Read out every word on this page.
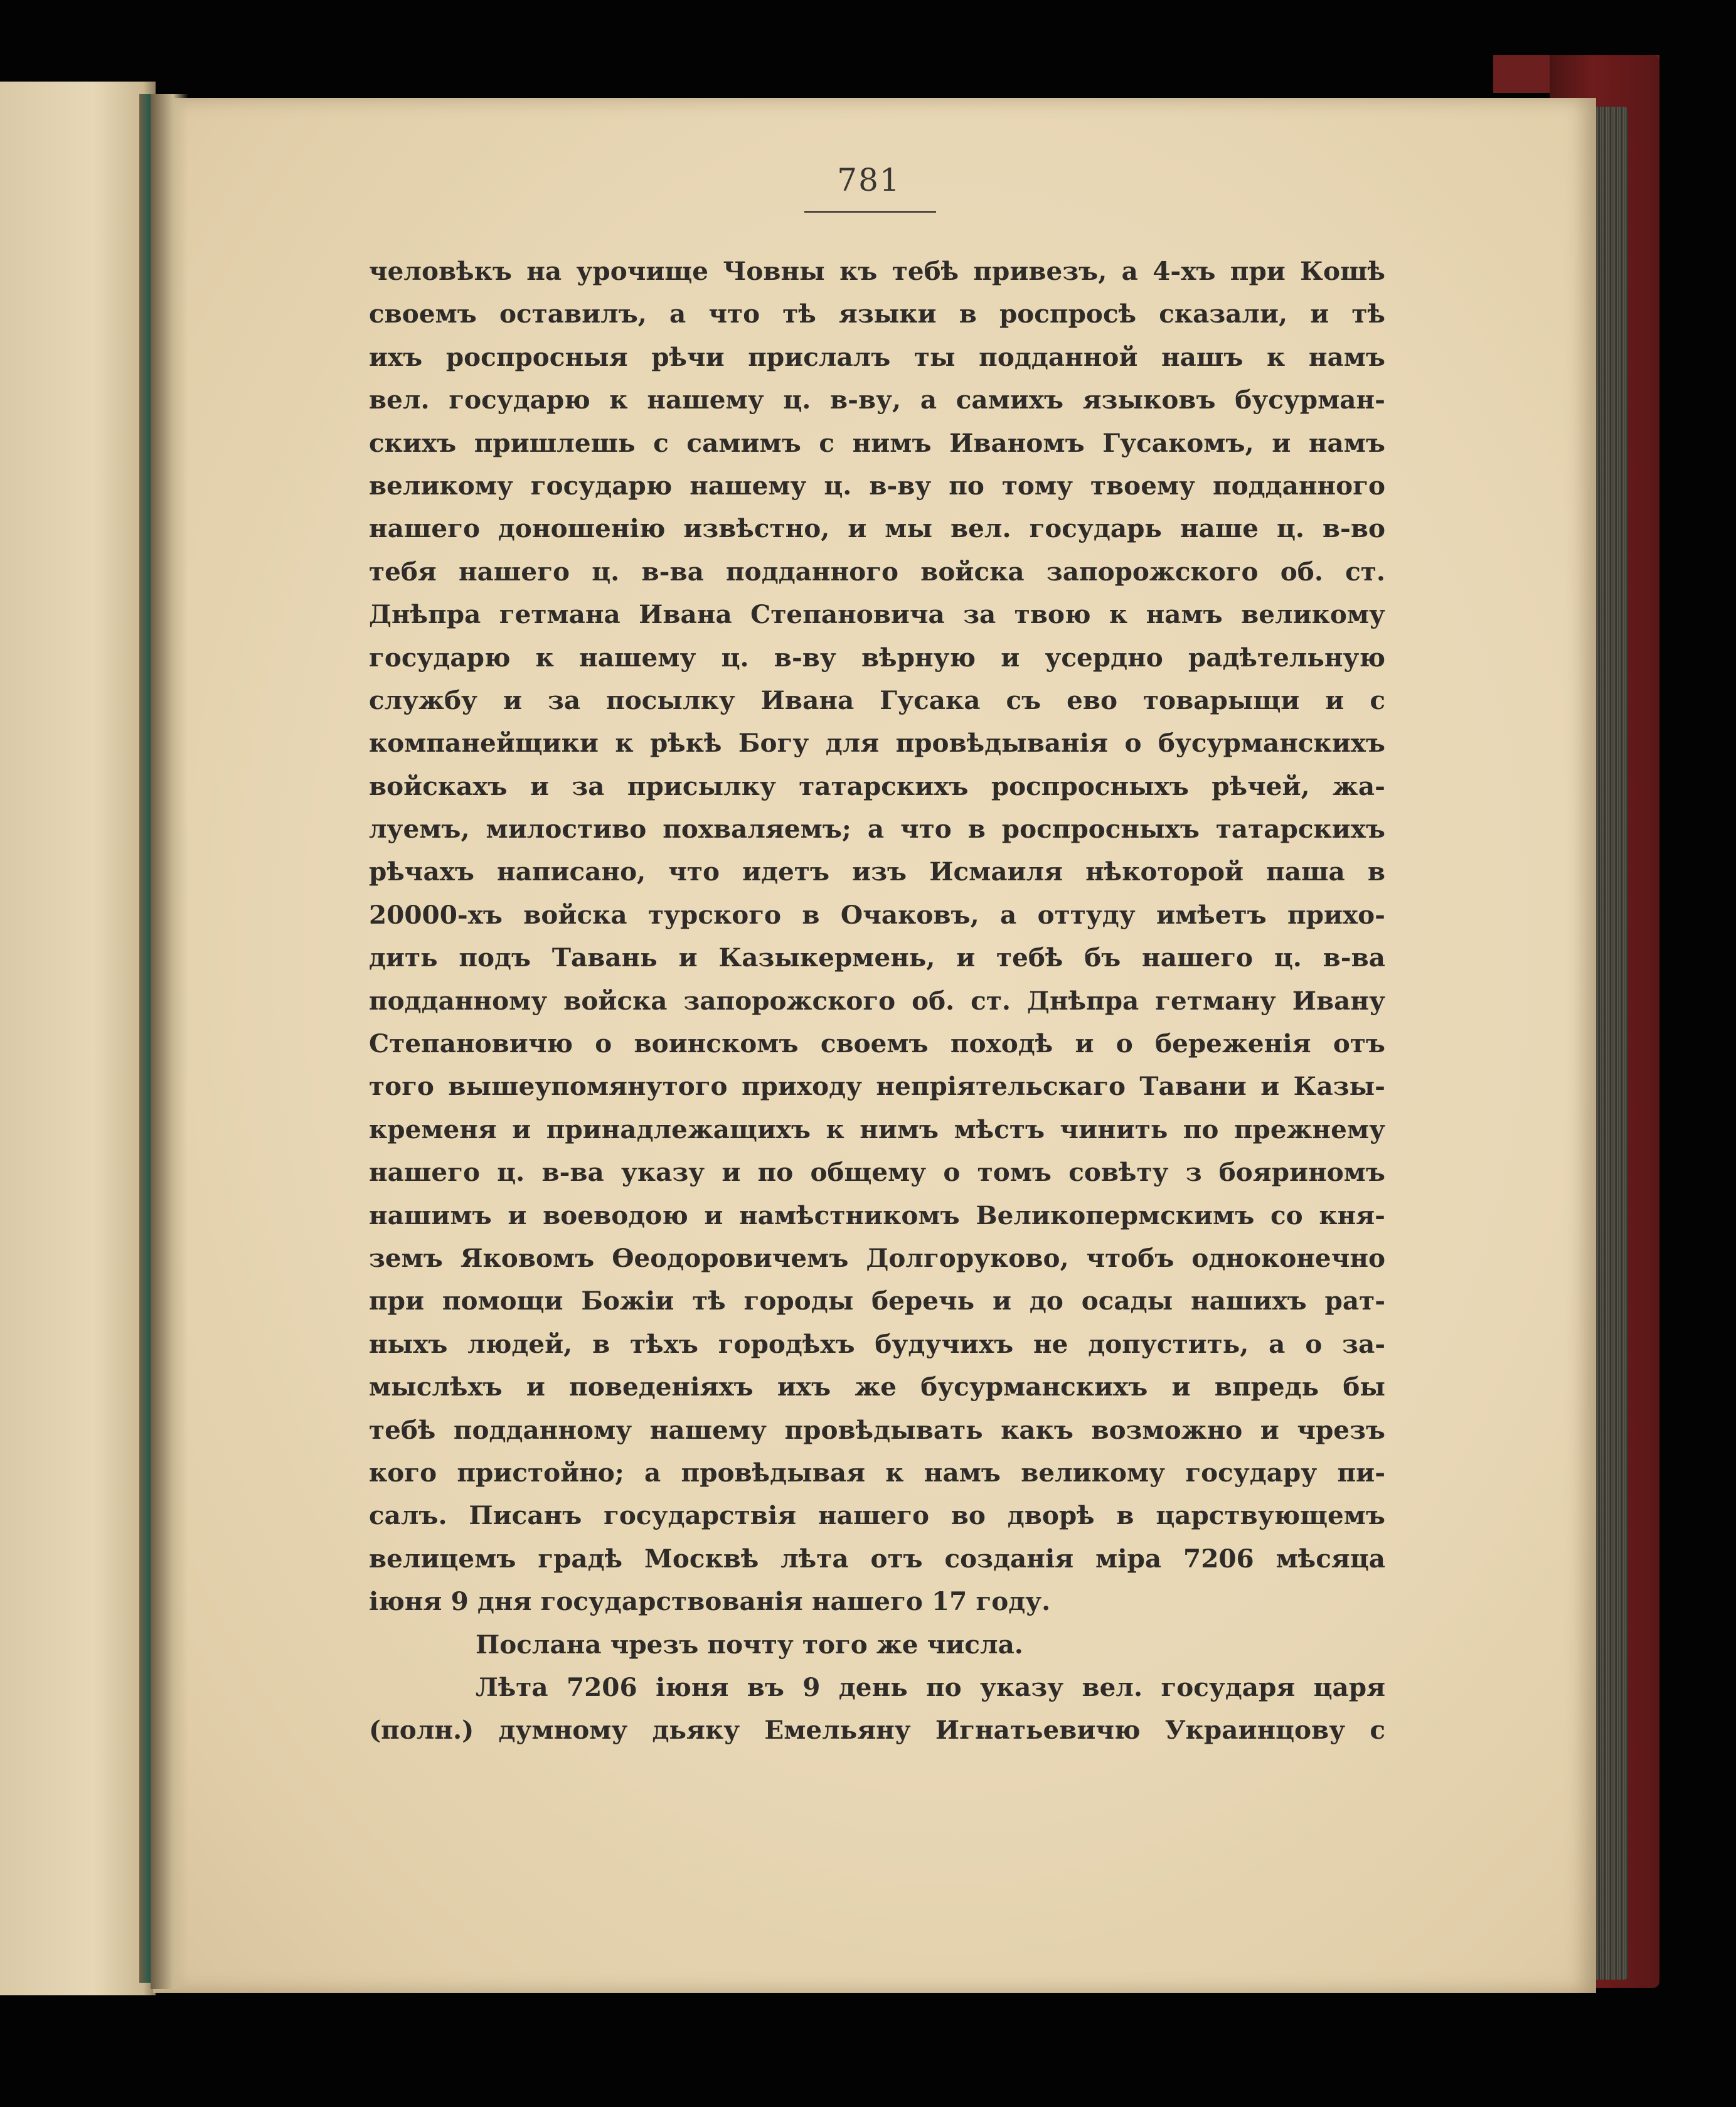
781
человѣкъ на урочище Човны къ тебѣ привезъ, а 4-хъ при Кошѣ
своемъ оставилъ, а что тѣ языки в роспросѣ сказали, и тѣ
ихъ роспросныя рѣчи прислалъ ты подданной нашъ к намъ
вел. государю к нашему ц. в-ву, а самихъ языковъ бусурман-
скихъ пришлешь с самимъ с нимъ Иваномъ Гусакомъ, и намъ
великому государю нашему ц. в-ву по тому твоему подданного
нашего доношенію извѣстно, и мы вел. государь наше ц. в-во
тебя нашего ц. в-ва подданного войска запорожского об. ст.
Днѣпра гетмана Ивана Степановича за твою к намъ великому
государю к нашему ц. в-ву вѣрную и усердно радѣтельную
службу и за посылку Ивана Гусака съ ево товарыщи и с
компанейщики к рѣкѣ Богу для провѣдыванія о бусурманскихъ
войскахъ и за присылку татарскихъ роспросныхъ рѣчей, жа-
луемъ, милостиво похваляемъ; а что в роспросныхъ татарскихъ
рѣчахъ написано, что идетъ изъ Исмаиля нѣкоторой паша в
20000-хъ войска турского в Очаковъ, а оттуду имѣетъ прихо-
дить подъ Тавань и Казыкермень, и тебѣ бъ нашего ц. в-ва
подданному войска запорожского об. ст. Днѣпра гетману Ивану
Степановичю о воинскомъ своемъ походѣ и о береженія отъ
того вышеупомянутого приходу непріятельскаго Тавани и Казы-
кременя и принадлежащихъ к нимъ мѣстъ чинить по прежнему
нашего ц. в-ва указу и по общему о томъ совѣту з бояриномъ
нашимъ и воеводою и намѣстникомъ Великопермскимъ со кня-
земъ Яковомъ Ѳеодоровичемъ Долгоруково, чтобъ одноконечно
при помощи Божіи тѣ городы беречь и до осады нашихъ рат-
ныхъ людей, в тѣхъ городѣхъ будучихъ не допустить, а о за-
мыслѣхъ и поведеніяхъ ихъ же бусурманскихъ и впредь бы
тебѣ подданному нашему провѣдывать какъ возможно и чрезъ
кого пристойно; а провѣдывая к намъ великому государу пи-
салъ. Писанъ государствія нашего во дворѣ в царствующемъ
велицемъ градѣ Москвѣ лѣта отъ созданія міра 7206 мѣсяца
іюня 9 дня государствованія нашего 17 году.
Послана чрезъ почту того же числа.
Лѣта 7206 іюня въ 9 день по указу вел. государя царя
(полн.) думному дьяку Емельяну Игнатьевичю Украинцову с
